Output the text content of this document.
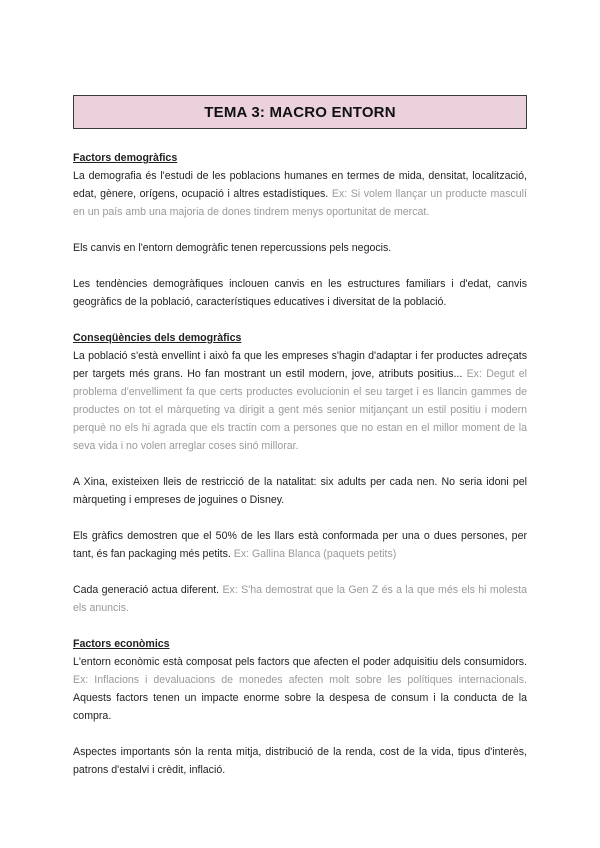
TEMA 3: MACRO ENTORN
Factors demogràfics

La demografia és l'estudi de les poblacions humanes en termes de mida, densitat, localització, edat, gènere, orígens, ocupació i altres estadístiques. Ex: Si volem llançar un producte masculí en un país amb una majoria de dones tindrem menys oportunitat de mercat.

Els canvis en l'entorn demogràfic tenen repercussions pels negocis.

Les tendències demogràfiques inclouen canvis en les estructures familiars i d'edat, canvis geogràfics de la població, característiques educatives i diversitat de la població.

Conseqüències dels demogràfics

La població s'està envellint i això fa que les empreses s'hagin d'adaptar i fer productes adreçats per targets més grans. Ho fan mostrant un estil modern, jove, atributs positius... Ex: Degut el problema d'envelliment fa que certs productes evolucionin el seu target i es llancin gammes de productes on tot el màrqueting va dirigit a gent més senior mitjançant un estil positiu i modern perquè no els hi agrada que els tractin com a persones que no estan en el millor moment de la seva vida i no volen arreglar coses sinó millorar.

A Xina, existeixen lleis de restricció de la natalitat: six adults per cada nen. No seria idoni pel màrqueting i empreses de joguines o Disney.

Els gràfics demostren que el 50% de les llars està conformada per una o dues persones, per tant, és fan packaging més petits. Ex: Gallina Blanca (paquets petits)

Cada generació actua diferent. Ex: S'ha demostrat que la Gen Z és a la que més els hi molesta els anuncis.

Factors econòmics

L'entorn econòmic està composat pels factors que afecten el poder adquisitiu dels consumidors. Ex: Inflacions i devaluacions de monedes afecten molt sobre les polítiques internacionals. Aquests factors tenen un impacte enorme sobre la despesa de consum i la conducta de la compra.

Aspectes importants són la renta mitja, distribució de la renda, cost de la vida, tipus d'interès, patrons d'estalvi i crèdit, inflació.
